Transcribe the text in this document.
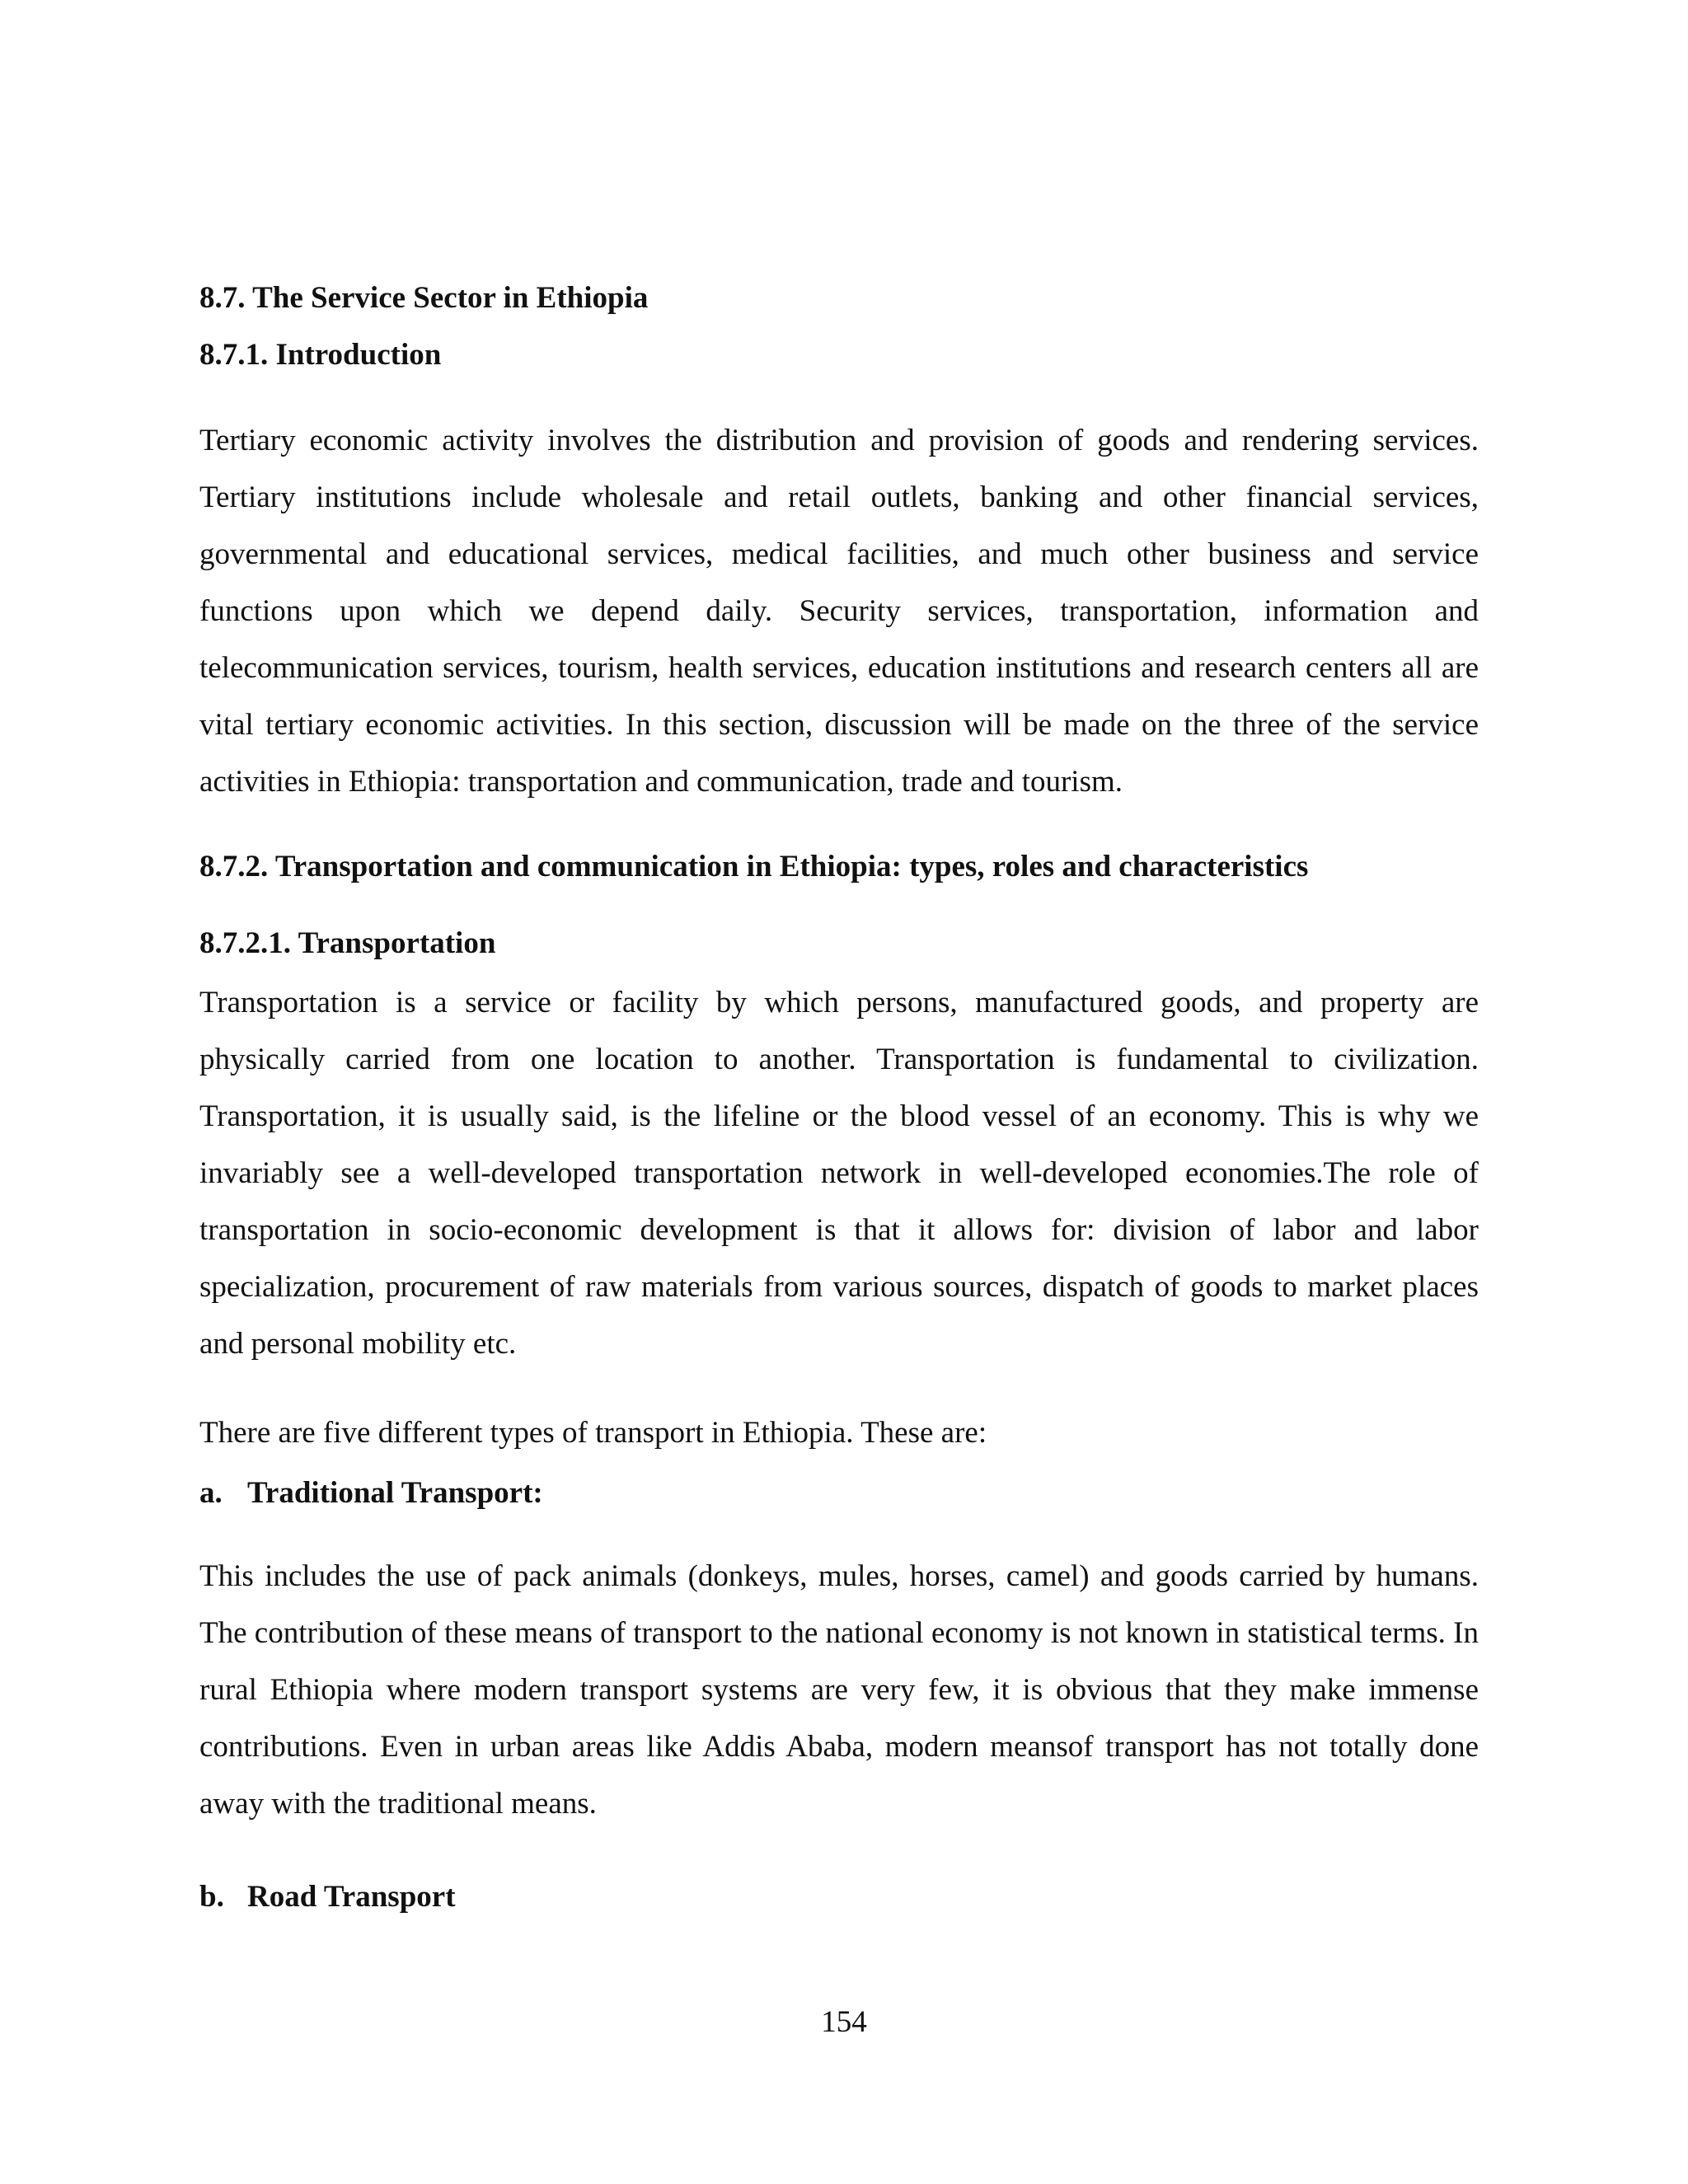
8.7. The Service Sector in Ethiopia
8.7.1. Introduction

Tertiary economic activity involves the distribution and provision of goods and rendering services. Tertiary institutions include wholesale and retail outlets, banking and other financial services, governmental and educational services, medical facilities, and much other business and service functions upon which we depend daily. Security services, transportation, information and telecommunication services, tourism, health services, education institutions and research centers all are vital tertiary economic activities. In this section, discussion will be made on the three of the service activities in Ethiopia: transportation and communication, trade and tourism.

8.7.2. Transportation and communication in Ethiopia: types, roles and characteristics
8.7.2.1. Transportation

Transportation is a service or facility by which persons, manufactured goods, and property are physically carried from one location to another. Transportation is fundamental to civilization. Transportation, it is usually said, is the lifeline or the blood vessel of an economy. This is why we invariably see a well-developed transportation network in well-developed economies.The role of transportation in socio-economic development is that it allows for: division of labor and labor specialization, procurement of raw materials from various sources, dispatch of goods to market places and personal mobility etc.

There are five different types of transport in Ethiopia. These are:

a. Traditional Transport:

This includes the use of pack animals (donkeys, mules, horses, camel) and goods carried by humans. The contribution of these means of transport to the national economy is not known in statistical terms. In rural Ethiopia where modern transport systems are very few, it is obvious that they make immense contributions. Even in urban areas like Addis Ababa, modern meansof transport has not totally done away with the traditional means.

b. Road Transport
154
